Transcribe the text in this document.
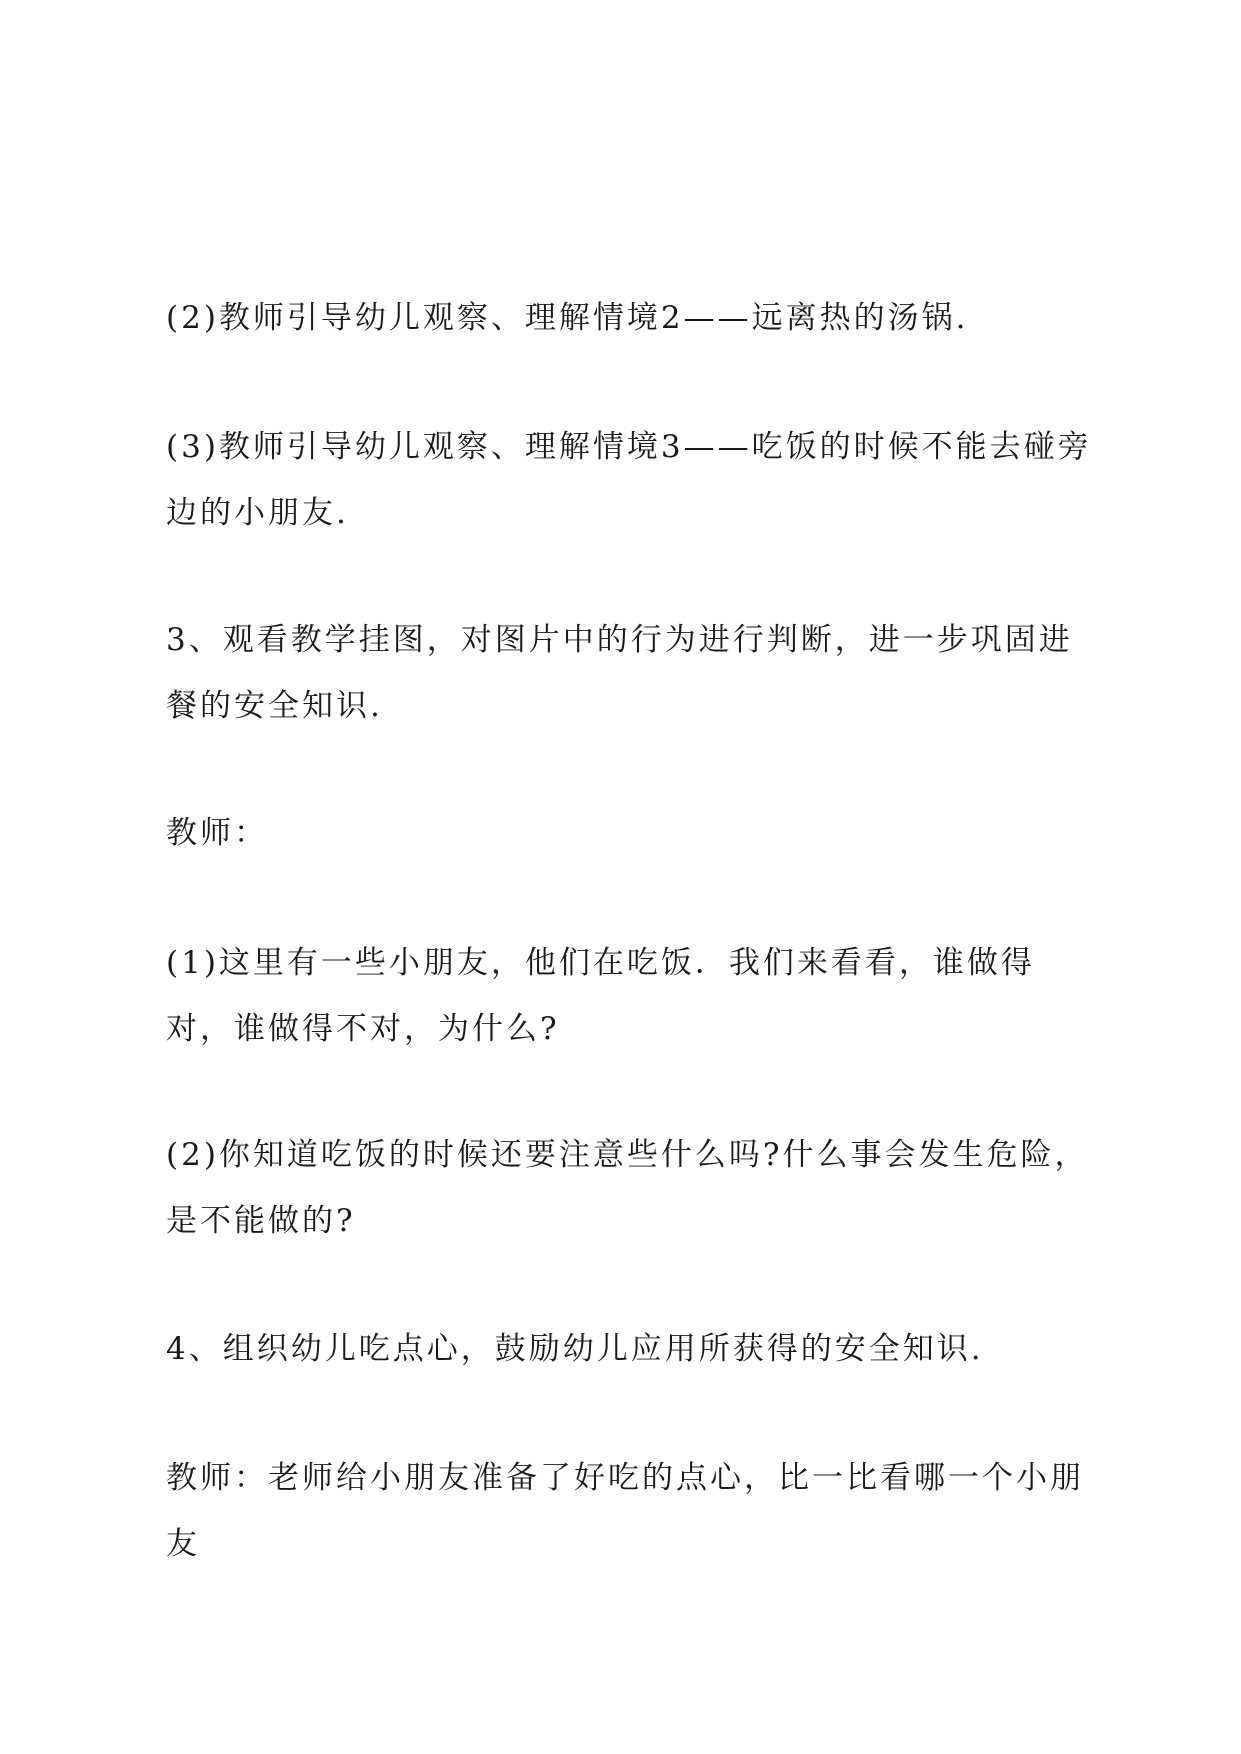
(2)教师引导幼儿观察、理解情境2——远离热的汤锅.

(3)教师引导幼儿观察、理解情境3——吃饭的时候不能去碰旁边的小朋友.

3、观看教学挂图，对图片中的行为进行判断，进一步巩固进餐的安全知识.

教师：

(1)这里有一些小朋友，他们在吃饭．我们来看看，谁做得对，谁做得不对，为什么?

(2)你知道吃饭的时候还要注意些什么吗?什么事会发生危险，是不能做的?

4、组织幼儿吃点心，鼓励幼儿应用所获得的安全知识.

教师：老师给小朋友准备了好吃的点心，比一比看哪一个小朋友
